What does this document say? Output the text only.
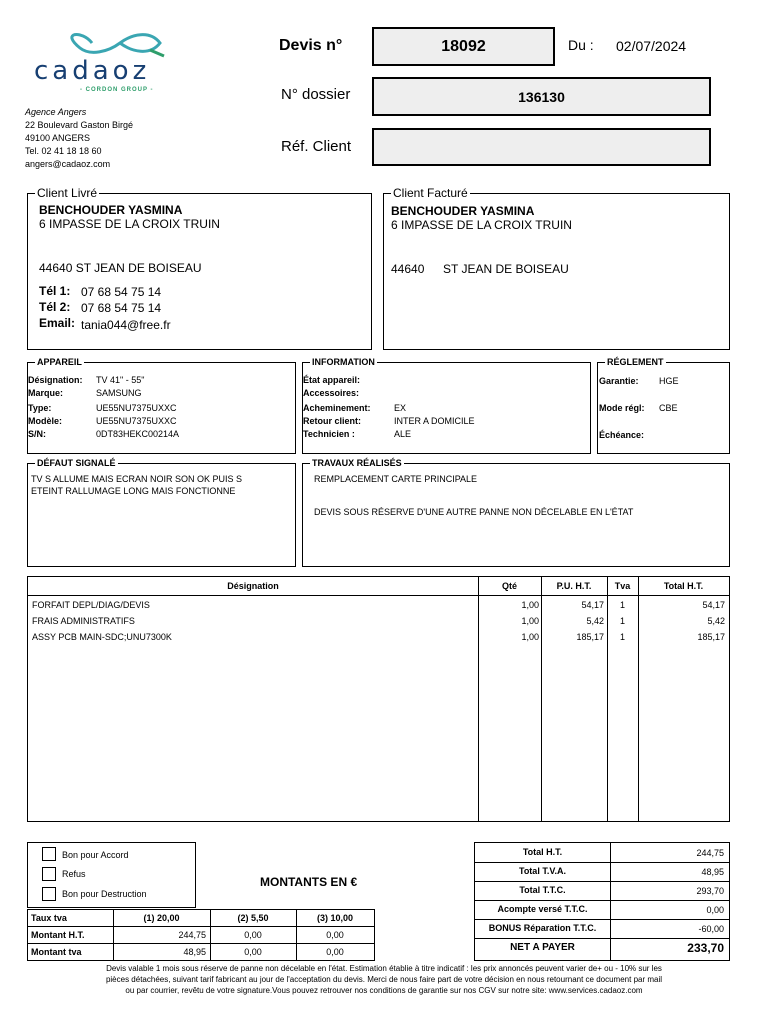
cadaoz
- CORDON GROUP -
Agence Angers
22 Boulevard Gaston Birgé
49100 ANGERS
Tel. 02 41 18 18 60
angers@cadaoz.com
Devis n°	18092	Du : 02/07/2024
N° dossier	136130
Réf. Client
Client Livré
BENCHOUDER YASMINA
6 IMPASSE DE LA CROIX TRUIN
44640 ST JEAN DE BOISEAU
Tél 1: 07 68 54 75 14
Tél 2: 07 68 54 75 14
Email: tania044@free.fr
Client Facturé
BENCHOUDER YASMINA
6 IMPASSE DE LA CROIX TRUIN
44640 ST JEAN DE BOISEAU
APPAREIL
Désignation: TV 41" - 55"
Marque:	SAMSUNG
Type:	UE55NU7375UXXC
Modèle:	UE55NU7375UXXC
S/N:	0DT83HEKC00214A
INFORMATION
État appareil:
Accessoires:
Acheminement:	EX
Retour client:	INTER A DOMICILE
Technicien :	ALE
RÉGLEMENT
Garantie: HGE
Mode régl: CBE
Échéance:
DÉFAUT SIGNALÉ
TV S ALLUME MAIS ECRAN NOIR SON OK PUIS S
ETEINT RALLUMAGE LONG MAIS FONCTIONNE
TRAVAUX RÉALISÉS
REMPLACEMENT CARTE PRINCIPALE
DEVIS SOUS RÉSERVE D'UNE AUTRE PANNE NON DÉCELABLE EN L'ÉTAT
Désignation	Qté	P.U. H.T.	Tva	Total H.T.
FORFAIT DEPL/DIAG/DEVIS	1,00	54,17	1	54,17
FRAIS ADMINISTRATIFS	1,00	5,42	1	5,42
ASSY PCB MAIN-SDC;UNU7300K	1,00	185,17	1	185,17
Bon pour Accord
Refus
Bon pour Destruction
MONTANTS EN €
Taux tva	(1) 20,00	(2) 5,50	(3) 10,00
Montant H.T.	244,75	0,00	0,00
Montant tva	48,95	0,00	0,00
Total H.T.	244,75
Total T.V.A.	48,95
Total T.T.C.	293,70
Acompte versé T.T.C.	0,00
BONUS Réparation T.T.C.	-60,00
NET A PAYER	233,70
Devis valable 1 mois sous réserve de panne non décelable en l'état. Estimation établie à titre indicatif : les prix annoncés peuvent varier de+ ou - 10% sur les
pièces détachées, suivant tarif fabricant au jour de l'acceptation du devis. Merci de nous faire part de votre décision en nous retournant ce document par mail
ou par courrier, revêtu de votre signature.Vous pouvez retrouver nos conditions de garantie sur nos CGV sur notre site: www.services.cadaoz.com
